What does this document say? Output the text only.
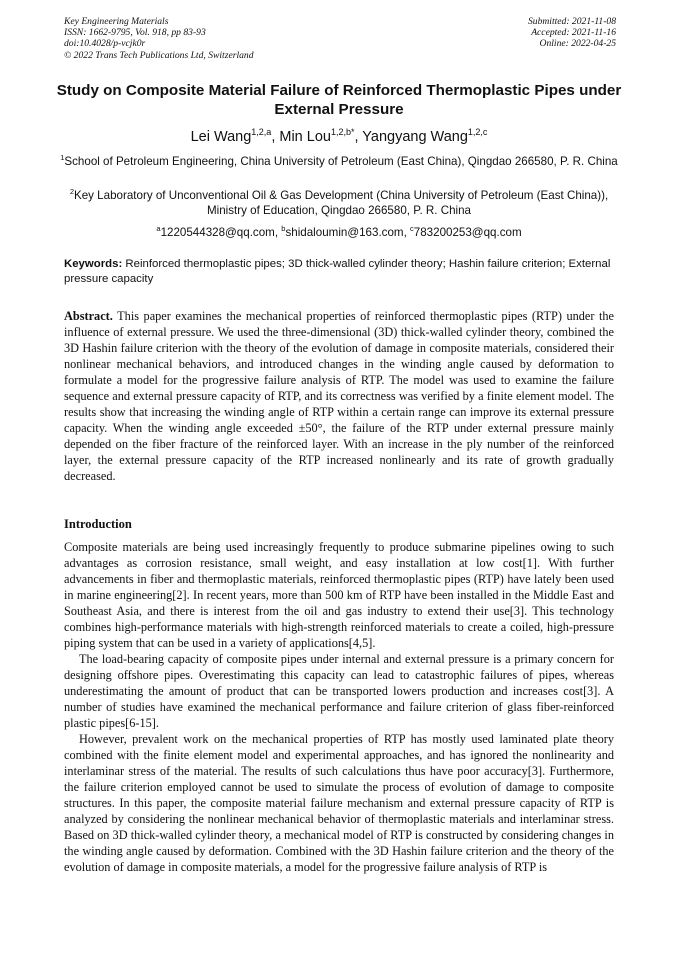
Key Engineering Materials
ISSN: 1662-9795, Vol. 918, pp 83-93
doi:10.4028/p-vcjk0r
© 2022 Trans Tech Publications Ltd, Switzerland
Submitted: 2021-11-08
Accepted: 2021-11-16
Online: 2022-04-25
Study on Composite Material Failure of Reinforced Thermoplastic Pipes under External Pressure
Lei Wang$^{1,2,a}$, Min Lou$^{1,2,b*}$, Yangyang Wang$^{1,2,c}$
$^1$School of Petroleum Engineering, China University of Petroleum (East China), Qingdao 266580, P. R. China
$^2$Key Laboratory of Unconventional Oil & Gas Development (China University of Petroleum (East China)), Ministry of Education, Qingdao 266580, P. R. China
$^a$1220544328@qq.com, $^b$shidaloumin@163.com, $^c$783200253@qq.com
Keywords: Reinforced thermoplastic pipes; 3D thick-walled cylinder theory; Hashin failure criterion; External pressure capacity
Abstract. This paper examines the mechanical properties of reinforced thermoplastic pipes (RTP) under the influence of external pressure. We used the three-dimensional (3D) thick-walled cylinder theory, combined the 3D Hashin failure criterion with the theory of the evolution of damage in composite materials, considered their nonlinear mechanical behaviors, and introduced changes in the winding angle caused by deformation to formulate a model for the progressive failure analysis of RTP. The model was used to examine the failure sequence and external pressure capacity of RTP, and its correctness was verified by a finite element model. The results show that increasing the winding angle of RTP within a certain range can improve its external pressure capacity. When the winding angle exceeded ±50°, the failure of the RTP under external pressure mainly depended on the fiber fracture of the reinforced layer. With an increase in the ply number of the reinforced layer, the external pressure capacity of the RTP increased nonlinearly and its rate of growth gradually decreased.
Introduction

Composite materials are being used increasingly frequently to produce submarine pipelines owing to such advantages as corrosion resistance, small weight, and easy installation at low cost[1]. With further advancements in fiber and thermoplastic materials, reinforced thermoplastic pipes (RTP) have lately been used in marine engineering[2]. In recent years, more than 500 km of RTP have been installed in the Middle East and Southeast Asia, and there is interest from the oil and gas industry to extend their use[3]. This technology combines high-performance materials with high-strength reinforced materials to create a coiled, high-pressure piping system that can be used in a variety of applications[4,5].

The load-bearing capacity of composite pipes under internal and external pressure is a primary concern for designing offshore pipes. Overestimating this capacity can lead to catastrophic failures of pipes, whereas underestimating the amount of product that can be transported lowers production and increases cost[3]. A number of studies have examined the mechanical performance and failure criterion of glass fiber-reinforced plastic pipes[6-15].

However, prevalent work on the mechanical properties of RTP has mostly used laminated plate theory combined with the finite element model and experimental approaches, and has ignored the nonlinearity and interlaminar stress of the material. The results of such calculations thus have poor accuracy[3]. Furthermore, the failure criterion employed cannot be used to simulate the process of evolution of damage to composite structures. In this paper, the composite material failure mechanism and external pressure capacity of RTP is analyzed by considering the nonlinear mechanical behavior of thermoplastic materials and interlaminar stress. Based on 3D thick-walled cylinder theory, a mechanical model of RTP is constructed by considering changes in the winding angle caused by deformation. Combined with the 3D Hashin failure criterion and the theory of the evolution of damage in composite materials, a model for the progressive failure analysis of RTP is
